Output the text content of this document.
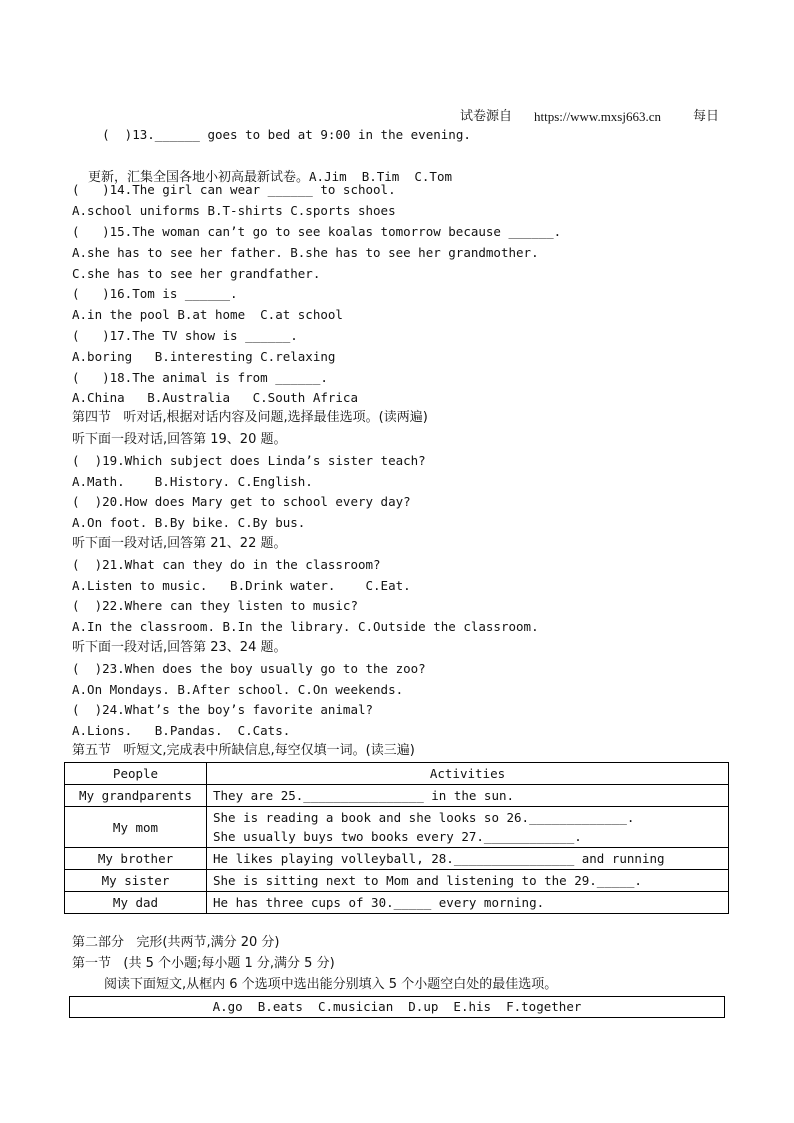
(  )13.______ goes to bed at 9:00 in the evening.

试卷源自 https://www.mxsj663.cn 每日

更新，汇集全国各地小初高最新试卷。A.Jim  B.Tim  C.Tom

(   )14.The girl can wear ______ to school.
A.school uniforms B.T-shirts C.sports shoes
(   )15.The woman can’t go to see koalas tomorrow because ______.
A.she has to see her father. B.she has to see her grandmother.
C.she has to see her grandfather.
(   )16.Tom is ______.
A.in the pool B.at home  C.at school
(   )17.The TV show is ______.
A.boring   B.interesting C.relaxing
(   )18.The animal is from ______.
A.China   B.Australia   C.South Africa
第四节   听对话,根据对话内容及问题,选择最佳选项。(读两遍)
听下面一段对话,回答第 19、20 题。
(  )19.Which subject does Linda’s sister teach?
A.Math.    B.History. C.English.
(  )20.How does Mary get to school every day?
A.On foot. B.By bike. C.By bus.
听下面一段对话,回答第 21、22 题。
(  )21.What can they do in the classroom?
A.Listen to music.   B.Drink water.    C.Eat.
(  )22.Where can they listen to music?
A.In the classroom. B.In the library. C.Outside the classroom.
听下面一段对话,回答第 23、24 题。
(  )23.When does the boy usually go to the zoo?
A.On Mondays. B.After school. C.On weekends.
(  )24.What’s the boy’s favorite animal?
A.Lions.   B.Pandas.  C.Cats.
第五节   听短文,完成表中所缺信息,每空仅填一词。(读三遍)
People	Activities
My grandparents	They are 25.________________ in the sun.
My mom	She is reading a book and she looks so 26._____________.
She usually buys two books every 27.____________.

My brother	He likes playing volleyball, 28.________________ and running
My sister	She is sitting next to Mom and listening to the 29._____.
My dad	He has three cups of 30._____ every morning.
第二部分   完形(共两节,满分 20 分)
第一节   (共 5 个小题;每小题 1 分,满分 5 分)
阅读下面短文,从框内 6 个选项中选出能分别填入 5 个小题空白处的最佳选项。
A.go  B.eats  C.musician  D.up  E.his  F.together
